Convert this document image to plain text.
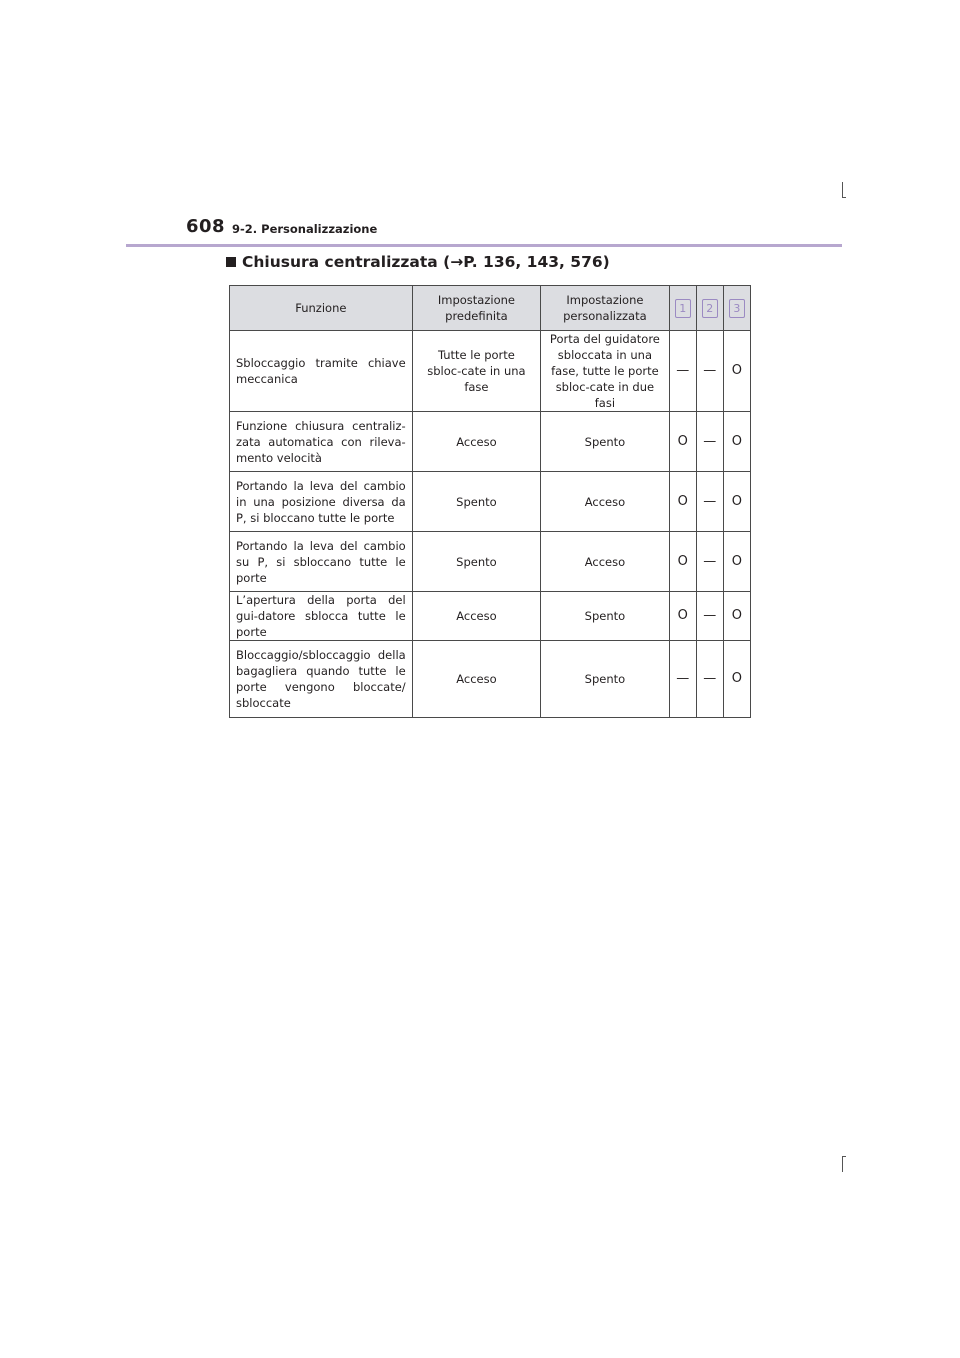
608 9-2. Personalizzazione
Chiusura centralizzata (→P. 136, 143, 576)
Funzione	Impostazione predefinita	Impostazione personalizzata	1	2	3

Sbloccaggio tramite chiave meccanica	Tutte le porte sbloc-cate in una fase	Porta del guidatore sbloccata in una fase, tutte le porte sbloc-cate in due fasi	—	—	O

Funzione chiusura centraliz-zata automatica con rileva-mento velocità	Acceso	Spento	O	—	O

Portando la leva del cambio in una posizione diversa da P, si bloccano tutte le porte	Spento	Acceso	O	—	O

Portando la leva del cambio su P, si sbloccano tutte le porte	Spento	Acceso	O	—	O

L’apertura della porta del gui-datore sblocca tutte le porte	Acceso	Spento	O	—	O

Bloccaggio/sbloccaggio della bagagliera quando tutte le porte vengono bloccate/ sbloccate	Acceso	Spento	—	—	O
